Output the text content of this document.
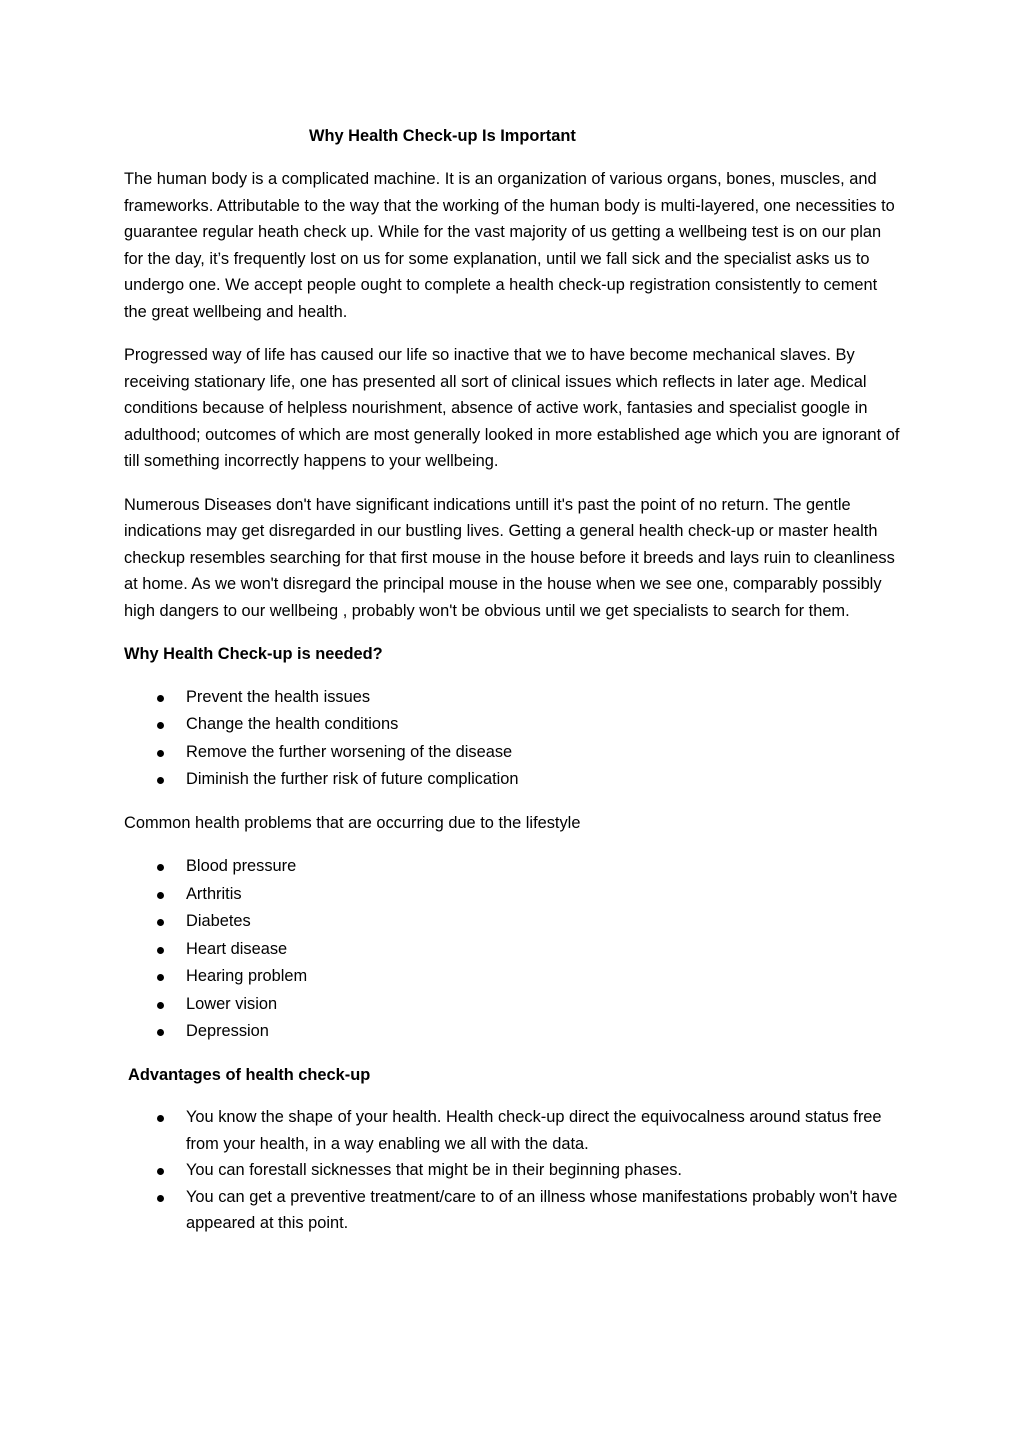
Why Health Check-up Is Important

The human body is a complicated machine. It is an organization of various organs, bones, muscles, and frameworks. Attributable to the way that the working of the human body is multi-layered, one necessities to guarantee regular heath check up. While for the vast majority of us getting a wellbeing test is on our plan for the day, it’s frequently lost on us for some explanation, until we fall sick and the specialist asks us to undergo one. We accept people ought to complete a health check-up registration consistently to cement the great wellbeing and health.

Progressed way of life has caused our life so inactive that we to have become mechanical slaves. By receiving stationary life, one has presented all sort of clinical issues which reflects in later age. Medical conditions because of helpless nourishment, absence of active work, fantasies and specialist google in adulthood; outcomes of which are most generally looked in more established age which you are ignorant of till something incorrectly happens to your wellbeing.

Numerous Diseases don't have significant indications untill it's past the point of no return. The gentle indications may get disregarded in our bustling lives. Getting a general health check-up or master health checkup resembles searching for that first mouse in the house before it breeds and lays ruin to cleanliness at home. As we won't disregard the principal mouse in the house when we see one, comparably possibly high dangers to our wellbeing , probably won't be obvious until we get specialists to search for them.

Why Health Check-up is needed?
Prevent the health issues
Change the health conditions
Remove the further worsening of the disease
Diminish the further risk of future complication

Common health problems that are occurring due to the lifestyle

Blood pressure
Arthritis
Diabetes
Heart disease
Hearing problem
Lower vision
Depression
Advantages of health check-up
You know the shape of your health. Health check-up direct the equivocalness around status free from your health, in a way enabling we all with the data.
You can forestall sicknesses that might be in their beginning phases.
You can get a preventive treatment/care to of an illness whose manifestations probably won't have appeared at this point.
